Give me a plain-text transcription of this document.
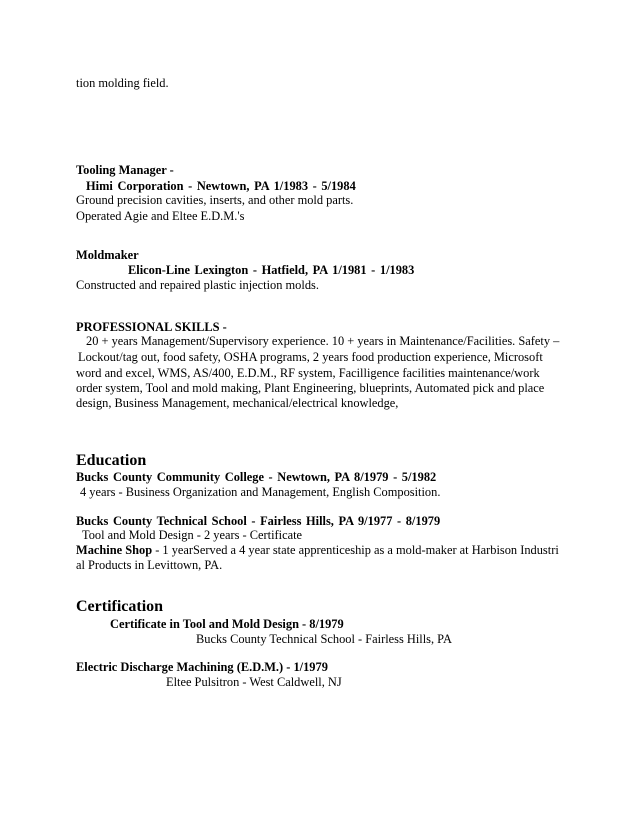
tion molding field.
Tooling Manager -
Himi Corporation - Newtown, PA 1/1983 - 5/1984
Ground precision cavities, inserts, and other mold parts.
Operated Agie and Eltee E.D.M.'s
Moldmaker
Elicon-Line Lexington - Hatfield, PA 1/1981 - 1/1983
Constructed and repaired plastic injection molds.
PROFESSIONAL SKILLS -
20 + years Management/Supervisory experience. 10 + years in Maintenance/Facilities. Safety –
Lockout/tag out, food safety, OSHA programs, 2 years food production experience, Microsoft
word and excel, WMS, AS/400, E.D.M., RF system, Facilligence facilities maintenance/work
order system, Tool and mold making, Plant Engineering, blueprints, Automated pick and place
design, Business Management, mechanical/electrical knowledge,
Education
Bucks County Community College - Newtown, PA 8/1979 - 5/1982
4 years - Business Organization and Management, English Composition.
Bucks County Technical School - Fairless Hills, PA 9/1977 - 8/1979
Tool and Mold Design - 2 years - Certificate
Machine Shop - 1 yearServed a 4 year state apprenticeship as a mold-maker at Harbison Industri
al Products in Levittown, PA.
Certification
Certificate in Tool and Mold Design - 8/1979
Bucks County Technical School - Fairless Hills, PA
Electric Discharge Machining (E.D.M.) - 1/1979
Eltee Pulsitron - West Caldwell, NJ
